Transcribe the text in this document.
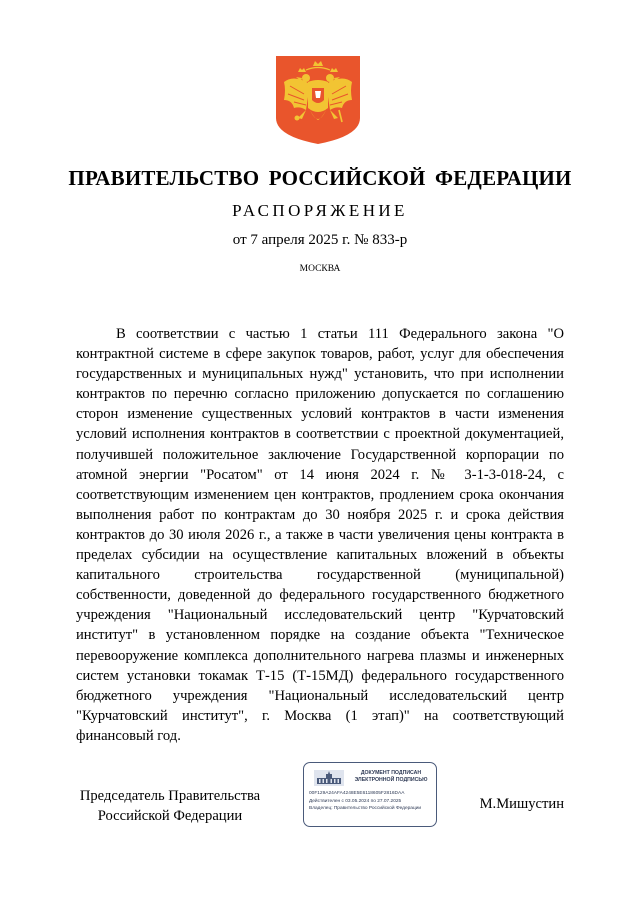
ПРАВИТЕЛЬСТВО РОССИЙСКОЙ ФЕДЕРАЦИИ
РАСПОРЯЖЕНИЕ
от 7 апреля 2025 г. № 833-р
МОСКВА

В соответствии с частью 1 статьи 111 Федерального закона "О контрактной системе в сфере закупок товаров, работ, услуг для обеспечения государственных и муниципальных нужд" установить, что при исполнении контрактов по перечню согласно приложению допускается по соглашению сторон изменение существенных условий контрактов в части изменения условий исполнения контрактов в соответствии с проектной документацией, получившей положительное заключение Государственной корпорации по атомной энергии "Росатом" от 14 июня 2024 г. № 3-1-3-018-24, с соответствующим изменением цен контрактов, продлением срока окончания выполнения работ по контрактам до 30 ноября 2025 г. и срока действия контрактов до 30 июля 2026 г., а также в части увеличения цены контракта в пределах субсидии на осуществление капитальных вложений в объекты капитального строительства государственной (муниципальной) собственности, доведенной до федерального государственного бюджетного учреждения "Национальный исследовательский центр "Курчатовский институт" в установленном порядке на создание объекта "Техническое перевооружение комплекса дополнительного нагрева плазмы и инженерных систем установки токамак Т-15 (Т-15МД) федерального государственного бюджетного учреждения "Национальный исследовательский центр "Курчатовский институт", г. Москва (1 этап)" на соответствующий финансовый год.

Председатель Правительства
Российской Федерации
ДОКУМЕНТ ПОДПИСАН
ЭЛЕКТРОННОЙ ПОДПИСЬЮ
00F129A24AFA4248E5E6118605F2816DAA
Действителен с 03.05.2024 по 27.07.2025
Владелец: Правительство Российской Федерации	М.Мишустин
